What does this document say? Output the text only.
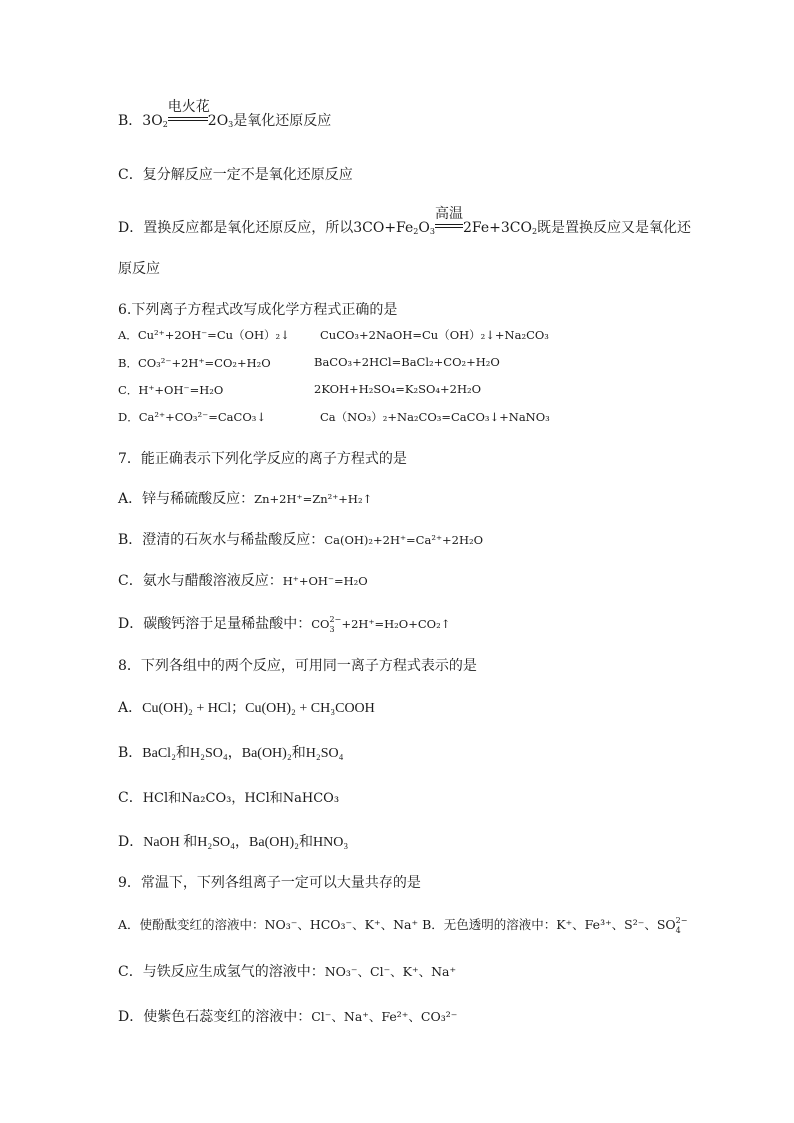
B．$3O_2$
电火花
$2O_3$是氧化还原反应
C．复分解反应一定不是氧化还原反应
D．置换反应都是氧化还原反应，所以$3CO+Fe_2O_3$
高温
$2Fe+3CO_2$既是置换反应又是氧化还
原反应
6.下列离子方程式改写成化学方程式正确的是
A．Cu²⁺+2OH⁻=Cu（OH）₂↓	CuCO₃+2NaOH=Cu（OH）₂↓+Na₂CO₃
B．CO₃²⁻+2H⁺=CO₂+H₂O	BaCO₃+2HCl=BaCl₂+CO₂+H₂O
C．H⁺+OH⁻=H₂O	2KOH+H₂SO₄=K₂SO₄+2H₂O
D．Ca²⁺+CO₃²⁻=CaCO₃↓	Ca（NO₃）₂+Na₂CO₃=CaCO₃↓+NaNO₃
7．能正确表示下列化学反应的离子方程式的是
A．锌与稀硫酸反应：Zn+2H⁺=Zn²⁺+H₂↑
B．澄清的石灰水与稀盐酸反应：Ca(OH)₂+2H⁺=Ca²⁺+2H₂O
C．氨水与醋酸溶液反应：H⁺+OH⁻=H₂O
D．碳酸钙溶于足量稀盐酸中：CO 2−
3 +2H⁺=H₂O+CO₂↑
8．下列各组中的两个反应，可用同一离子方程式表示的是
A．Cu(OH)₂ + HCl；Cu(OH)₂ + CH₃COOH
B．BaCl₂和H₂SO₄，Ba(OH)₂和H₂SO₄
C．HCl和Na₂CO₃，HCl和NaHCO₃
D．NaOH 和H₂SO₄，Ba(OH)₂和HNO₃
9．常温下，下列各组离子一定可以大量共存的是
A．使酚酞变红的溶液中：NO₃⁻、HCO₃⁻、K⁺、Na⁺ B．无色透明的溶液中：K⁺、Fe³⁺、S²⁻、SO 2−
4
C．与铁反应生成氢气的溶液中：NO₃⁻、Cl⁻、K⁺、Na⁺
D．使紫色石蕊变红的溶液中：Cl⁻、Na⁺、Fe²⁺、CO₃²⁻
